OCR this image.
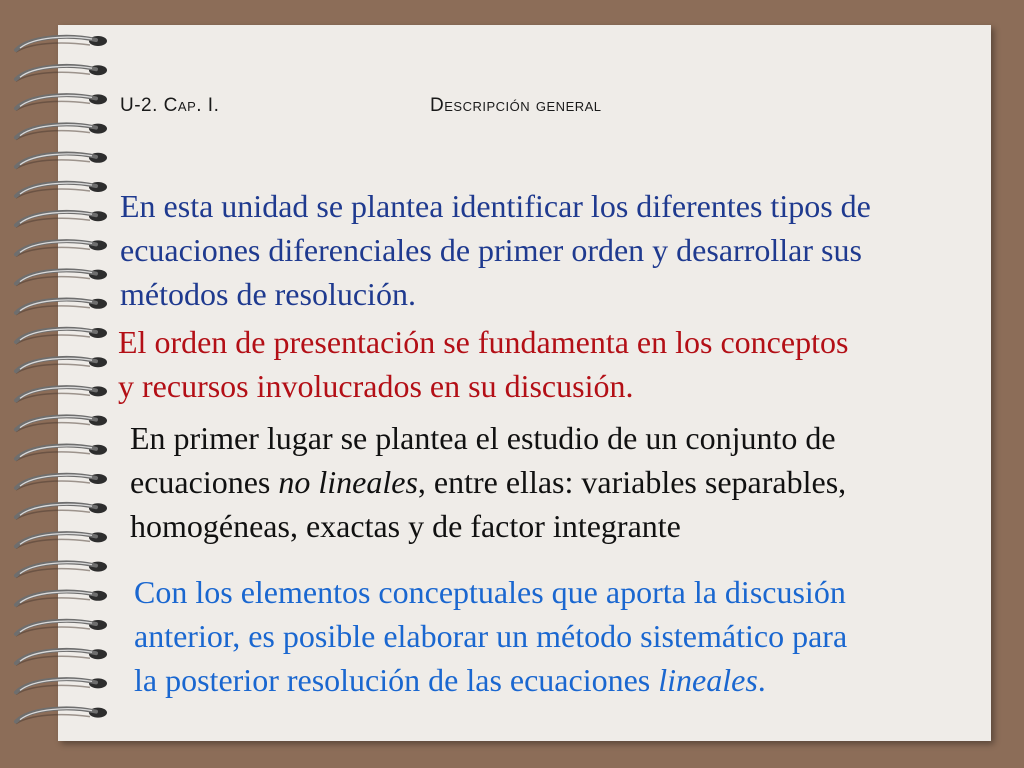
U-2. Cap. I.	Descripción general
En esta unidad se plantea identificar los diferentes tipos de
ecuaciones diferenciales de primer orden y desarrollar sus
métodos de resolución.
El orden de presentación se fundamenta en los conceptos
y recursos involucrados en su discusión.
En primer lugar se plantea el estudio de un conjunto de
ecuaciones no lineales, entre ellas: variables separables,
homogéneas, exactas y de factor integrante
Con los elementos conceptuales que aporta la discusión
anterior, es posible elaborar un método sistemático para
la posterior resolución de las ecuaciones lineales.
